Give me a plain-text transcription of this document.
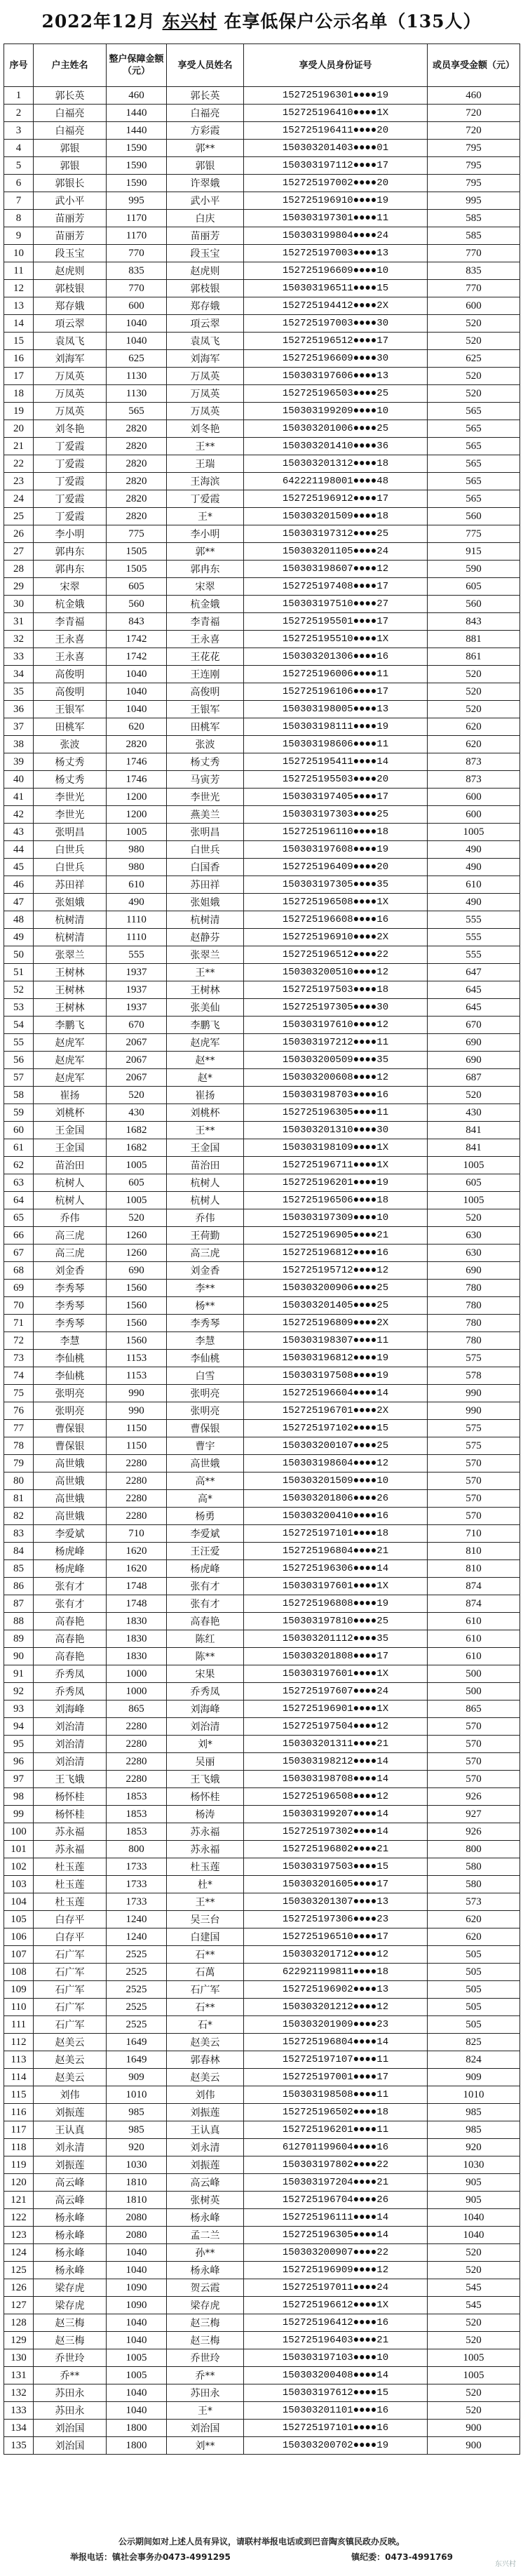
2022年12月 东兴村 在享低保户公示名单（135人）
序号	户主姓名	整户保障金额（元）	享受人员姓名	享受人员身份证号	或员享受金额（元）
1	郭长英	460	郭长英	152725196301●●●●19	460
2	白福亮	1440	白福亮	152725196410●●●●1X	720
3	白福亮	1440	方彩霞	152725196411●●●●20	720
4	郭银	1590	郭**	150303201403●●●●01	795
5	郭银	1590	郭银	150303197112●●●●17	795
6	郭银长	1590	许翠娥	152725197002●●●●20	795
7	武小平	995	武小平	152725196910●●●●19	995
8	苗丽芳	1170	白庆	150303197301●●●●11	585
9	苗丽芳	1170	苗丽芳	150303199804●●●●24	585
10	段玉宝	770	段玉宝	152725197003●●●●13	770
11	赵虎则	835	赵虎则	152725196609●●●●10	835
12	郭枝银	770	郭枝银	150303196511●●●●15	770
13	郑存娥	600	郑存娥	152725194412●●●●2X	600
14	項云翠	1040	項云翠	152725197003●●●●30	520
15	袁凤飞	1040	袁凤飞	152725196512●●●●17	520
16	刘海军	625	刘海军	152725196609●●●●30	625
17	万凤英	1130	万凤英	150303197606●●●●13	520
18	万凤英	1130	万凤英	152725196503●●●●25	520
19	万凤英	565	万凤英	150303199209●●●●10	565
20	刘冬艳	2820	刘冬艳	150303201006●●●●25	565
21	丁爱霞	2820	王**	150303201410●●●●36	565
22	丁爱霞	2820	王瑞	150303201312●●●●18	565
23	丁爱霞	2820	王海滨	642221198001●●●●48	565
24	丁爱霞	2820	丁爱霞	152725196912●●●●17	565
25	丁爱霞	2820	王*	150303201509●●●●18	560
26	李小明	775	李小明	150303197312●●●●25	775
27	郭冉东	1505	郭**	150303201105●●●●24	915
28	郭冉东	1505	郭冉东	150303198607●●●●12	590
29	宋翠	605	宋翠	152725197408●●●●17	605
30	杭金娥	560	杭金娥	150303197510●●●●27	560
31	李青福	843	李青福	152725195501●●●●17	843
32	王永喜	1742	王永喜	152725195510●●●●1X	881
33	王永喜	1742	王花花	150303201306●●●●16	861
34	高俊明	1040	王连刚	152725196006●●●●11	520
35	高俊明	1040	高俊明	152725196106●●●●17	520
36	王银军	1040	王银军	150303198005●●●●13	520
37	田桃军	620	田桃军	150303198111●●●●19	620
38	张波	2820	张波	150303198606●●●●11	620
39	杨丈秀	1746	杨丈秀	152725195411●●●●14	873
40	杨丈秀	1746	马寅芳	152725195503●●●●20	873
41	李世光	1200	李世光	150303197405●●●●17	600
42	李世光	1200	燕美兰	150303197303●●●●25	600
43	张明昌	1005	张明昌	152725196110●●●●18	1005
44	白世兵	980	白世兵	150303197608●●●●19	490
45	白世兵	980	白国香	152725196409●●●●20	490
46	苏田祥	610	苏田祥	150303197305●●●●35	610
47	张姐娥	490	张姐娥	152725196508●●●●1X	490
48	杭树清	1110	杭树清	152725196608●●●●16	555
49	杭树清	1110	赵静芬	152725196910●●●●2X	555
50	张翠兰	555	张翠兰	152725196512●●●●22	555
51	王树林	1937	王**	150303200510●●●●12	647
52	王树林	1937	王树林	152725197503●●●●18	645
53	王树林	1937	张美仙	152725197305●●●●30	645
54	李鹏飞	670	李鹏飞	150303197610●●●●12	670
55	赵虎军	2067	赵虎军	150303197212●●●●11	690
56	赵虎军	2067	赵**	150303200509●●●●35	690
57	赵虎军	2067	赵*	150303200608●●●●12	687
58	崔扬	520	崔扬	150303198703●●●●16	520
59	刘桃杯	430	刘桃杯	152725196305●●●●11	430
60	王金国	1682	王**	150303201310●●●●30	841
61	王金国	1682	王金国	150303198109●●●●1X	841
62	苗治田	1005	苗治田	152725196711●●●●1X	1005
63	杭树人	605	杭树人	152725196201●●●●19	605
64	杭树人	1005	杭树人	152725196506●●●●18	1005
65	乔伟	520	乔伟	150303197309●●●●10	520
66	高三虎	1260	王荷勤	152725196905●●●●21	630
67	高三虎	1260	高三虎	152725196812●●●●16	630
68	刘金香	690	刘金香	152725195712●●●●12	690
69	李秀琴	1560	李**	150303200906●●●●25	780
70	李秀琴	1560	杨**	150303201405●●●●25	780
71	李秀琴	1560	李秀琴	152725196809●●●●2X	780
72	李慧	1560	李慧	150303198307●●●●11	780
73	李仙桃	1153	李仙桃	150303196812●●●●19	575
74	李仙桃	1153	白雪	150303197508●●●●19	578
75	张明亮	990	张明亮	152725196604●●●●14	990
76	张明亮	990	张明亮	152725196701●●●●2X	990
77	曹保银	1150	曹保银	152725197102●●●●15	575
78	曹保银	1150	曹宇	150303200107●●●●25	575
79	高世娥	2280	高世娥	150303198604●●●●12	570
80	高世娥	2280	高**	150303201509●●●●10	570
81	高世娥	2280	高*	150303201806●●●●26	570
82	高世娥	2280	杨勇	150303200410●●●●16	570
83	李爱斌	710	李爱斌	152725197101●●●●18	710
84	杨虎峰	1620	王汪爱	152725196804●●●●21	810
85	杨虎峰	1620	杨虎峰	152725196306●●●●14	810
86	张有才	1748	张有才	150303197601●●●●1X	874
87	张有才	1748	张有才	152725196808●●●●19	874
88	高春艳	1830	高春艳	150303197810●●●●25	610
89	高春艳	1830	陈红	150303201112●●●●35	610
90	高春艳	1830	陈**	150303201808●●●●17	610
91	乔秀凤	1000	宋果	150303197601●●●●1X	500
92	乔秀凤	1000	乔秀凤	152725197607●●●●24	500
93	刘海峰	865	刘海峰	152725196901●●●●1X	865
94	刘治清	2280	刘治清	152725197504●●●●12	570
95	刘治清	2280	刘*	150303201311●●●●21	570
96	刘治清	2280	吴丽	150303198212●●●●14	570
97	王飞娥	2280	王飞娥	150303198708●●●●14	570
98	杨怀桂	1853	杨怀桂	152725196508●●●●12	926
99	杨怀桂	1853	杨涛	150303199207●●●●14	927
100	苏永福	1853	苏永福	152725197302●●●●14	926
101	苏永福	800	苏永福	152725196802●●●●21	800
102	杜玉莲	1733	杜玉莲	150303197503●●●●15	580
103	杜玉莲	1733	杜*	150303201605●●●●17	580
104	杜玉莲	1733	王**	150303201307●●●●13	573
105	白存平	1240	吴三台	152725197306●●●●23	620
106	白存平	1240	白建国	152725196510●●●●17	620
107	石广军	2525	石**	150303201712●●●●12	505
108	石广军	2525	石萬	622921199811●●●●18	505
109	石广军	2525	石广军	152725196902●●●●13	505
110	石广军	2525	石**	150303201212●●●●12	505
111	石广军	2525	石*	150303201909●●●●23	505
112	赵美云	1649	赵美云	152725196804●●●●14	825
113	赵美云	1649	郭春林	152725197107●●●●11	824
114	赵美云	909	赵美云	152725197001●●●●17	909
115	刘伟	1010	刘伟	150303198508●●●●11	1010
116	刘振莲	985	刘振莲	152725196502●●●●18	985
117	王认真	985	王认真	152725196201●●●●11	985
118	刘永清	920	刘永清	612701199604●●●●16	920
119	刘振莲	1030	刘振莲	150303197802●●●●22	1030
120	高云峰	1810	高云峰	150303197204●●●●21	905
121	高云峰	1810	张树英	152725196704●●●●26	905
122	杨永峰	2080	杨永峰	152725196111●●●●14	1040
123	杨永峰	2080	孟二兰	152725196305●●●●14	1040
124	杨永峰	1040	孙**	150303200907●●●●22	520
125	杨永峰	1040	杨永峰	152725196909●●●●12	520
126	梁存虎	1090	贺云霞	152725197011●●●●24	545
127	梁存虎	1090	梁存虎	152725196612●●●●1X	545
128	赵三梅	1040	赵三梅	152725196412●●●●16	520
129	赵三梅	1040	赵三梅	152725196403●●●●21	520
130	乔世玲	1005	乔世玲	150303197103●●●●10	1005
131	乔**	1005	乔**	150303200408●●●●14	1005
132	苏田永	1040	苏田永	150303197612●●●●15	520
133	苏田永	1040	王*	150303201101●●●●16	520
134	刘治国	1800	刘治国	152725197101●●●●16	900
135	刘治国	1800	刘**	150303200702●●●●19	900
公示期间如对上述人员有异议，请联村举报电话或到巴音陶亥镇民政办反映。
举报电话：镇社会事务办0473-4991295	镇纪委：0473-4991769
东兴村
